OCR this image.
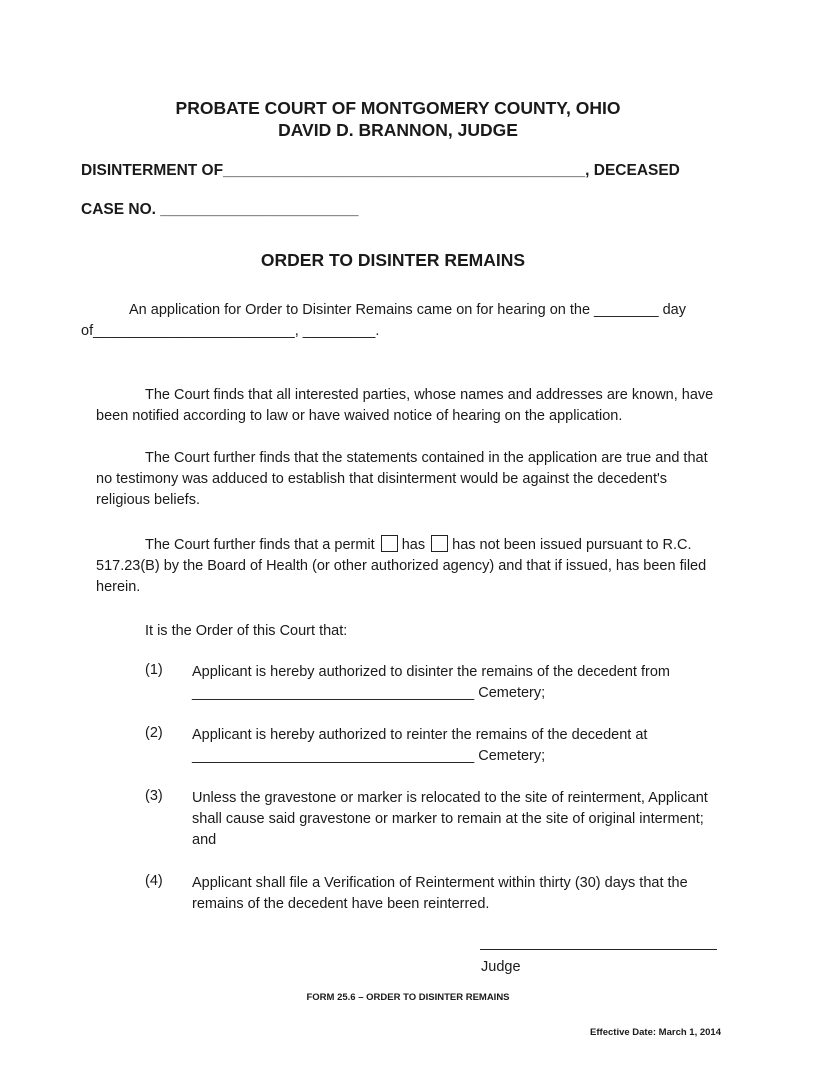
PROBATE COURT OF MONTGOMERY COUNTY, OHIO
DAVID D. BRANNON, JUDGE
DISINTERMENT OF__________________________________________, DECEASED
CASE NO. _______________________
ORDER TO DISINTER REMAINS
An application for Order to Disinter Remains came on for hearing on the ________ day
of_________________________, _________.
The Court finds that all interested parties, whose names and addresses are known, have
been notified according to law or have waived notice of hearing on the application.
The Court further finds that the statements contained in the application are true and that
no testimony was adduced to establish that disinterment would be against the decedent's
religious beliefs.
The Court further finds that a permit has has not been issued pursuant to R.C.
517.23(B) by the Board of Health (or other authorized agency) and that if issued, has been filed
herein.
It is the Order of this Court that:
(1) Applicant is hereby authorized to disinter the remains of the decedent from
___________________________________ Cemetery;
(2) Applicant is hereby authorized to reinter the remains of the decedent at
___________________________________ Cemetery;
(3) Unless the gravestone or marker is relocated to the site of reinterment, Applicant
shall cause said gravestone or marker to remain at the site of original interment;
and
(4) Applicant shall file a Verification of Reinterment within thirty (30) days that the
remains of the decedent have been reinterred.
Judge
FORM 25.6 – ORDER TO DISINTER REMAINS
Effective Date: March 1, 2014
